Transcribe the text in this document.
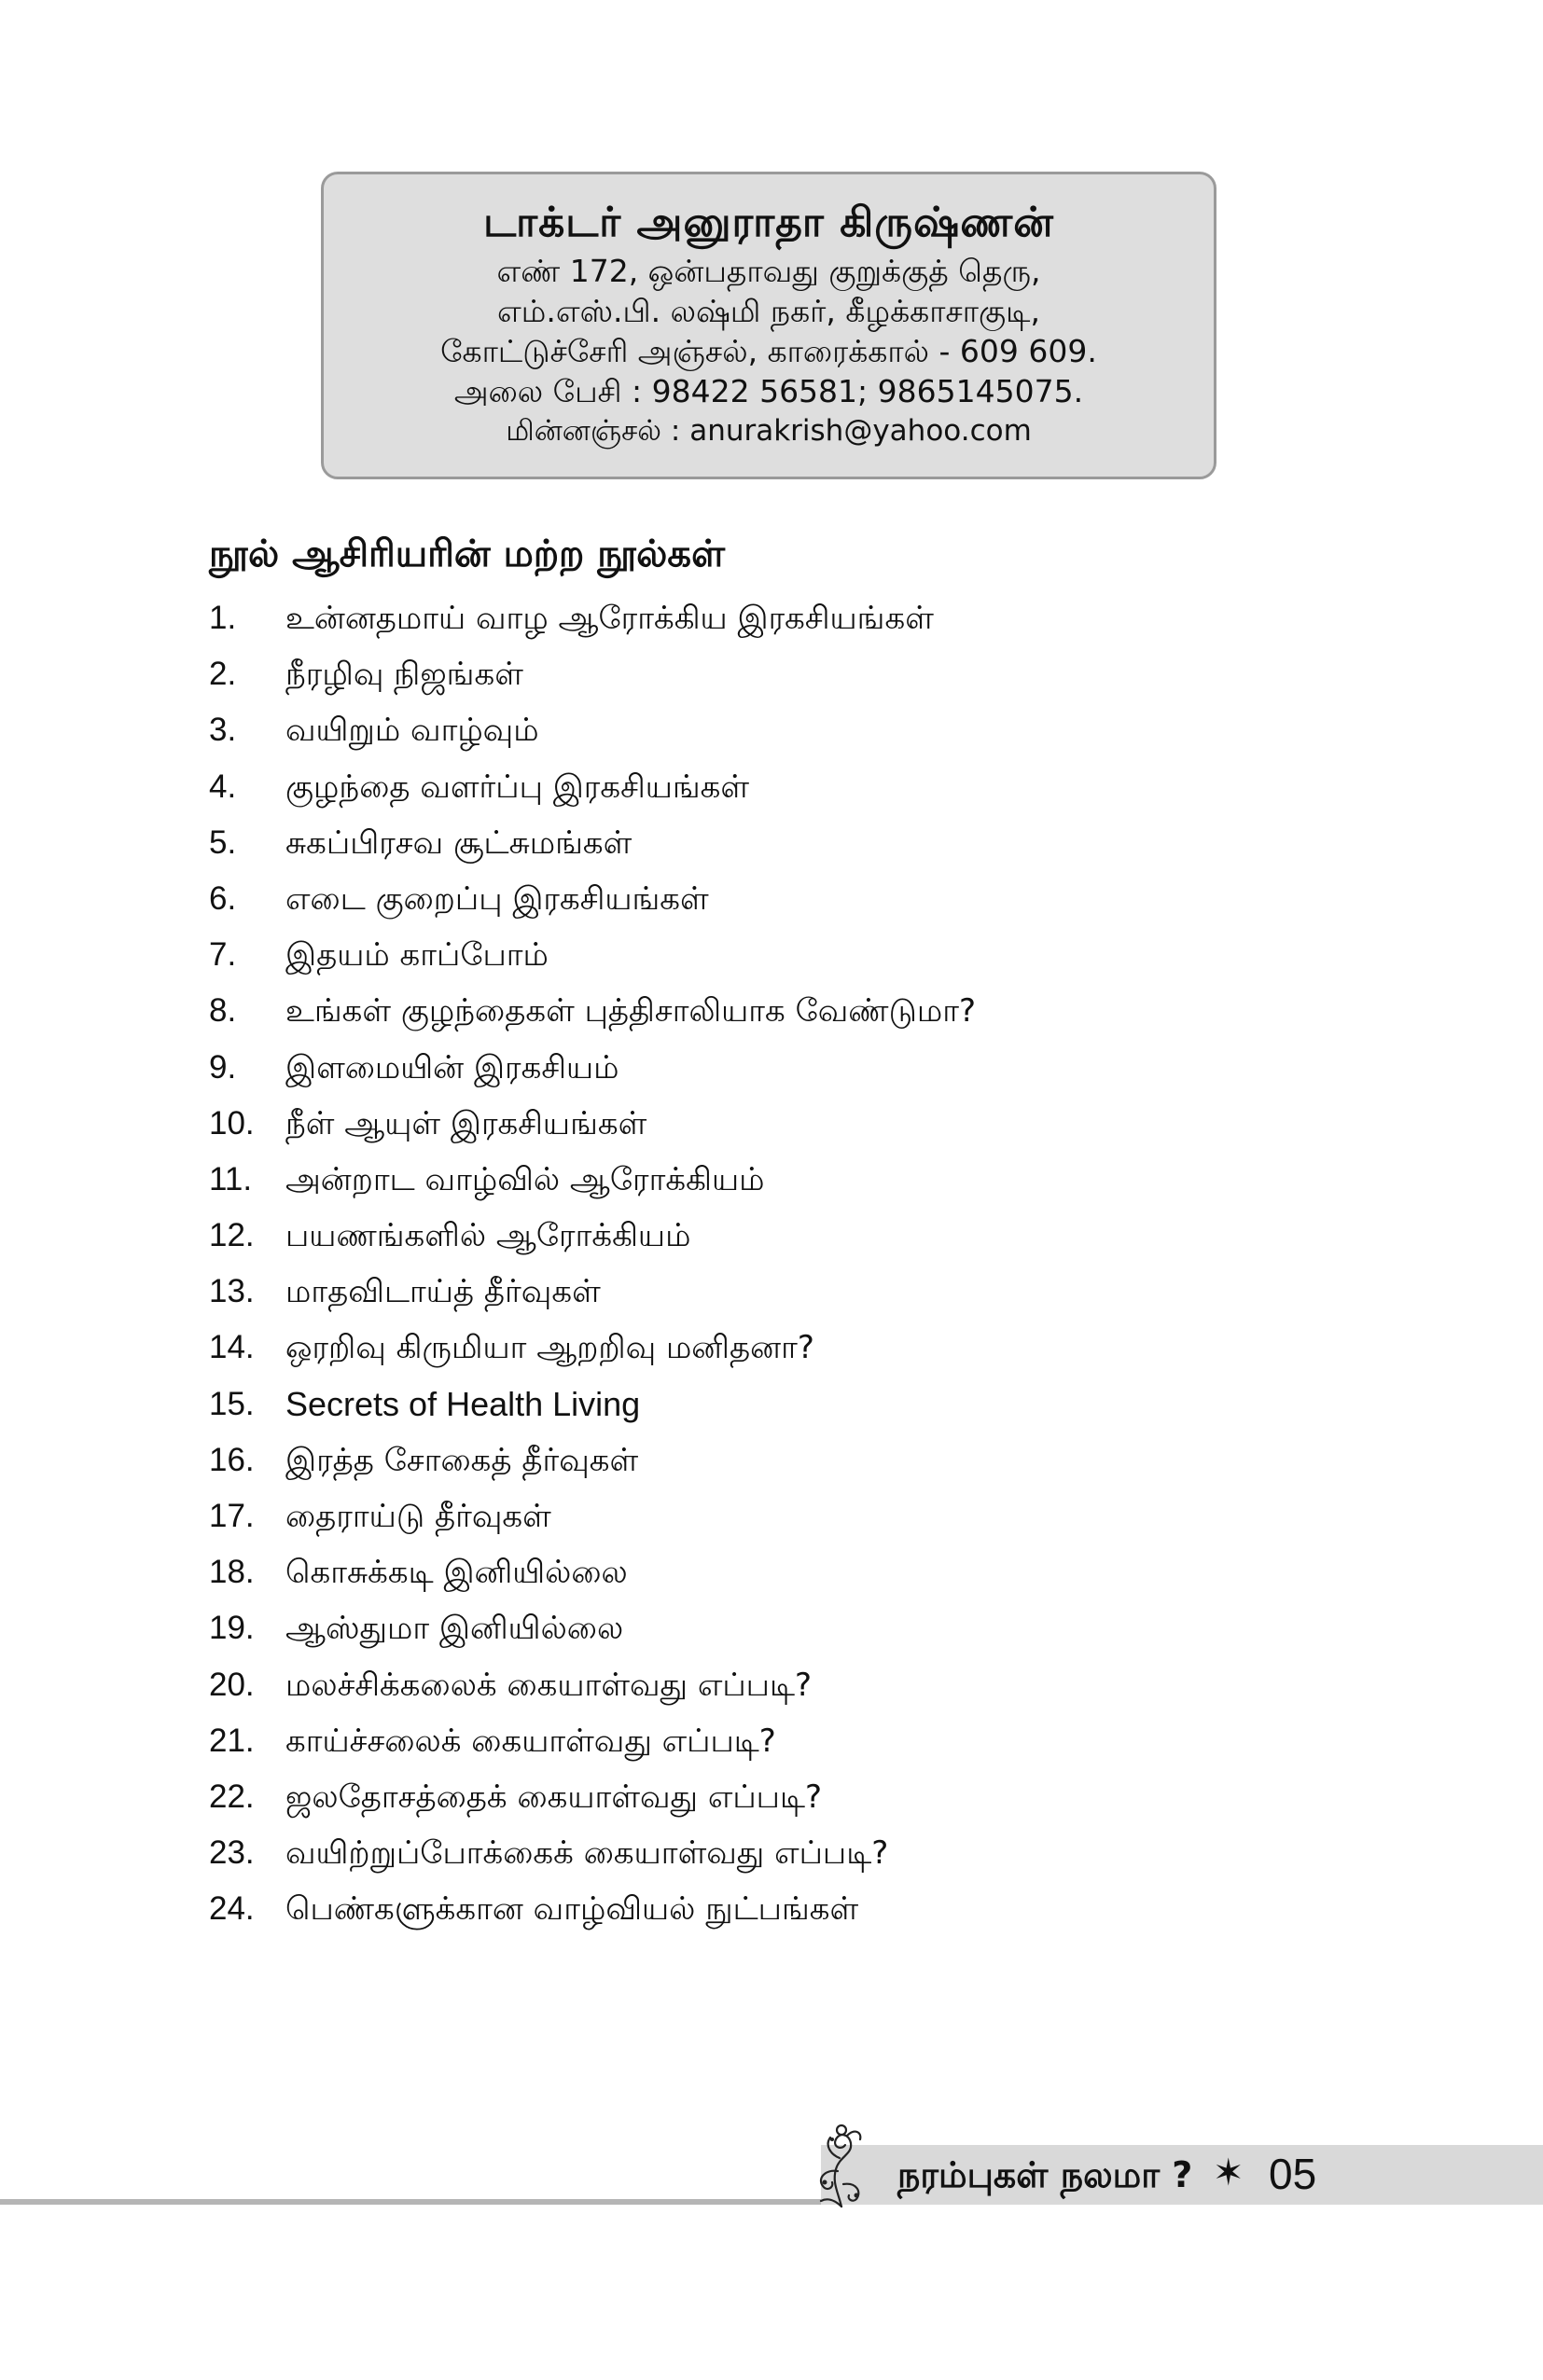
டாக்டர் அனுராதா கிருஷ்ணன்
எண் 172, ஒன்பதாவது குறுக்குத் தெரு,
எம்.எஸ்.பி. லஷ்மி நகர், கீழக்காசாகுடி,
கோட்டுச்சேரி அஞ்சல், காரைக்கால் - 609 609.
அலை பேசி : 98422 56581; 9865145075.
மின்னஞ்சல் : anurakrish@yahoo.com
நூல் ஆசிரியரின் மற்ற நூல்கள்
1.	உன்னதமாய் வாழ ஆரோக்கிய இரகசியங்கள்
2.	நீரழிவு நிஜங்கள்
3.	வயிறும் வாழ்வும்
4.	குழந்தை வளர்ப்பு இரகசியங்கள்
5.	சுகப்பிரசவ சூட்சுமங்கள்
6.	எடை குறைப்பு இரகசியங்கள்
7.	இதயம் காப்போம்
8.	உங்கள் குழந்தைகள் புத்திசாலியாக வேண்டுமா?
9.	இளமையின் இரகசியம்
10. நீள் ஆயுள் இரகசியங்கள்
11.	அன்றாட வாழ்வில் ஆரோக்கியம்
12. பயணங்களில் ஆரோக்கியம்
13. மாதவிடாய்த் தீர்வுகள்
14. ஒரறிவு கிருமியா ஆறறிவு மனிதனா?
15. Secrets of Health Living
16. இரத்த சோகைத் தீர்வுகள்
17. தைராய்டு தீர்வுகள்
18. கொசுக்கடி இனியில்லை
19. ஆஸ்துமா இனியில்லை
20. மலச்சிக்கலைக் கையாள்வது எப்படி?
21. காய்ச்சலைக் கையாள்வது எப்படி?
22. ஜலதோசத்தைக் கையாள்வது எப்படி?
23. வயிற்றுப்போக்கைக் கையாள்வது எப்படி?
24. பெண்களுக்கான வாழ்வியல் நுட்பங்கள்
நரம்புகள் நலமா ? ✶ 05
